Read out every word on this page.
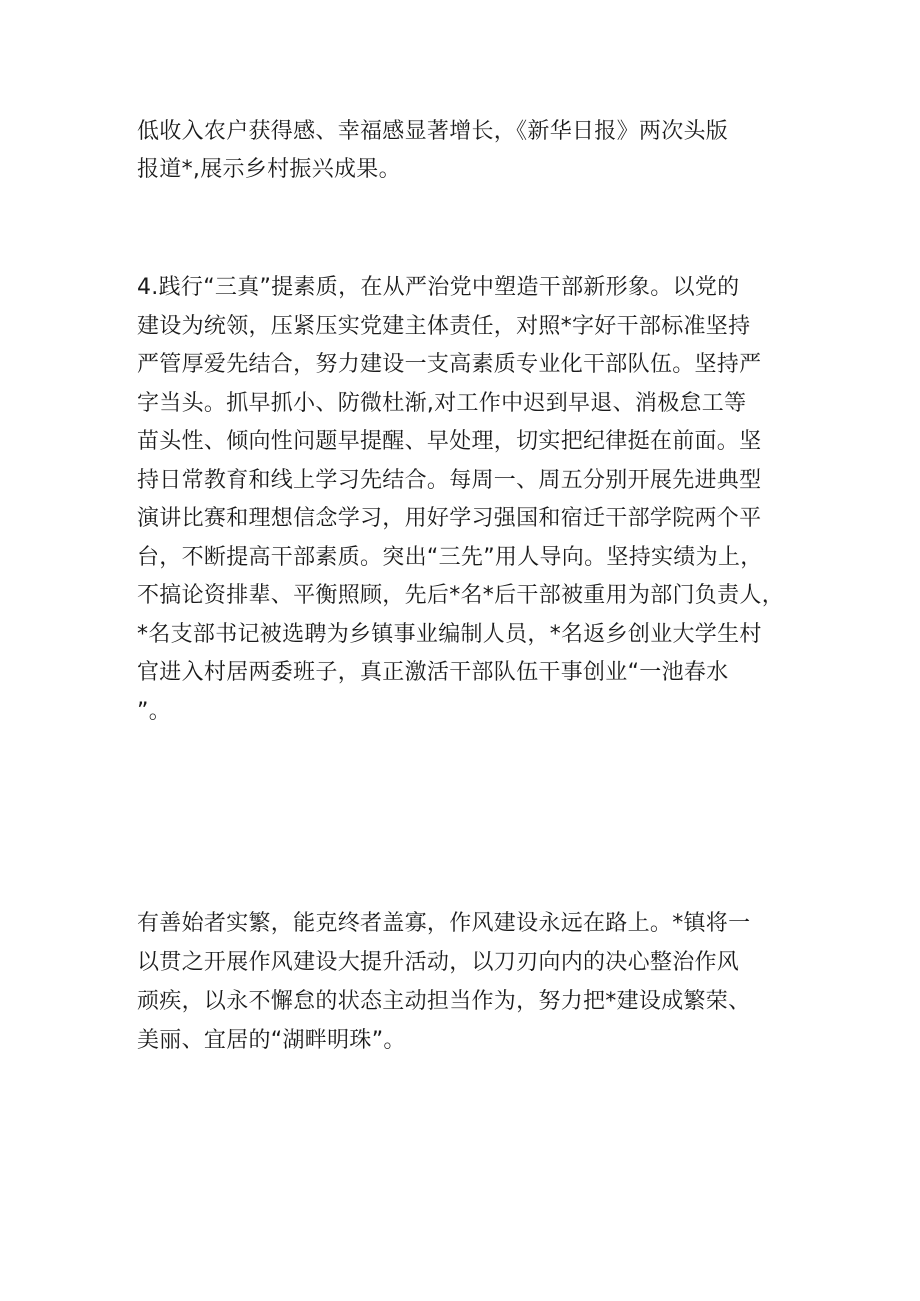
低收入农户获得感、幸福感显著增长，《新华日报》两次头版
报道*,展示乡村振兴成果。
4.践行“三真”提素质，在从严治党中塑造干部新形象。以党的
建设为统领，压紧压实党建主体责任，对照*字好干部标准坚持
严管厚爱先结合，努力建设一支高素质专业化干部队伍。坚持严
字当头。抓早抓小、防微杜渐,对工作中迟到早退、消极怠工等
苗头性、倾向性问题早提醒、早处理，切实把纪律挺在前面。坚
持日常教育和线上学习先结合。每周一、周五分别开展先进典型
演讲比赛和理想信念学习，用好学习强国和宿迁干部学院两个平
台，不断提高干部素质。突出“三先”用人导向。坚持实绩为上，
不搞论资排辈、平衡照顾，先后*名*后干部被重用为部门负责人，
*名支部书记被选聘为乡镇事业编制人员，*名返乡创业大学生村
官进入村居两委班子，真正激活干部队伍干事创业“一池春水
”。
有善始者实繁，能克终者盖寡，作风建设永远在路上。*镇将一
以贯之开展作风建设大提升活动，以刀刃向内的决心整治作风
顽疾，以永不懈怠的状态主动担当作为，努力把*建设成繁荣、
美丽、宜居的“湖畔明珠”。
